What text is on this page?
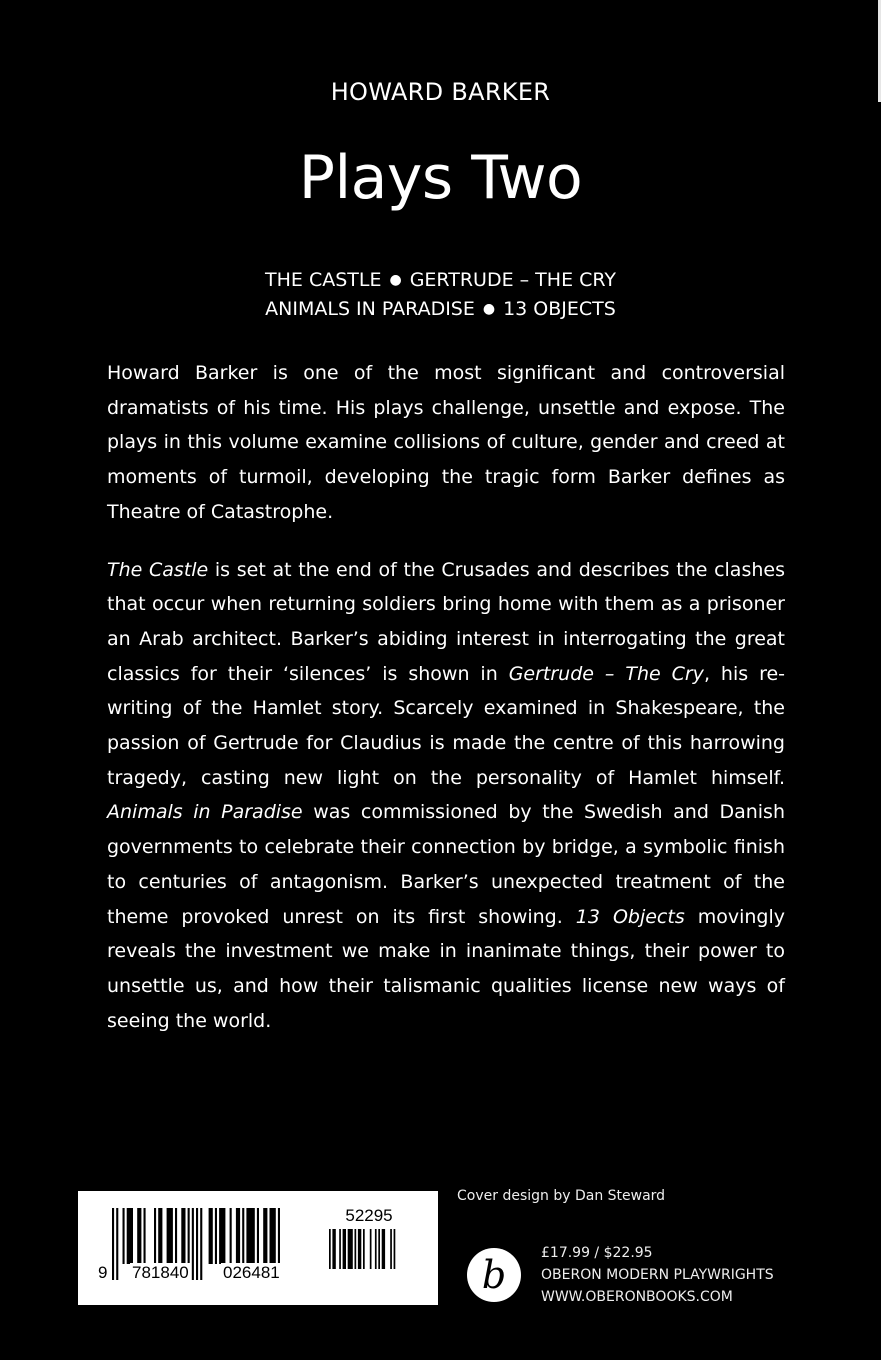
HOWARD BARKER
Plays Two
THE CASTLE ● GERTRUDE – THE CRY
ANIMALS IN PARADISE ● 13 OBJECTS

Howard Barker is one of the most significant and controversial dramatists of his time. His plays challenge, unsettle and expose. The plays in this volume examine collisions of culture, gender and creed at moments of turmoil, developing the tragic form Barker defines as Theatre of Catastrophe.

The Castle is set at the end of the Crusades and describes the clashes that occur when returning soldiers bring home with them as a prisoner an Arab architect. Barker’s abiding interest in interrogating the great classics for their ‘silences’ is shown in Gertrude – The Cry, his re-writing of the Hamlet story. Scarcely examined in Shakespeare, the passion of Gertrude for Claudius is made the centre of this harrowing tragedy, casting new light on the personality of Hamlet himself. Animals in Paradise was commissioned by the Swedish and Danish governments to celebrate their connection by bridge, a symbolic finish to centuries of antagonism. Barker’s unexpected treatment of the theme provoked unrest on its first showing. 13 Objects movingly reveals the investment we make in inanimate things, their power to unsettle us, and how their talismanic qualities license new ways of seeing the world.

52295
9 781840 026481
Cover design by Dan Steward
b £17.99 / $22.95
OBERON MODERN PLAYWRIGHTS
WWW.OBERONBOOKS.COM
